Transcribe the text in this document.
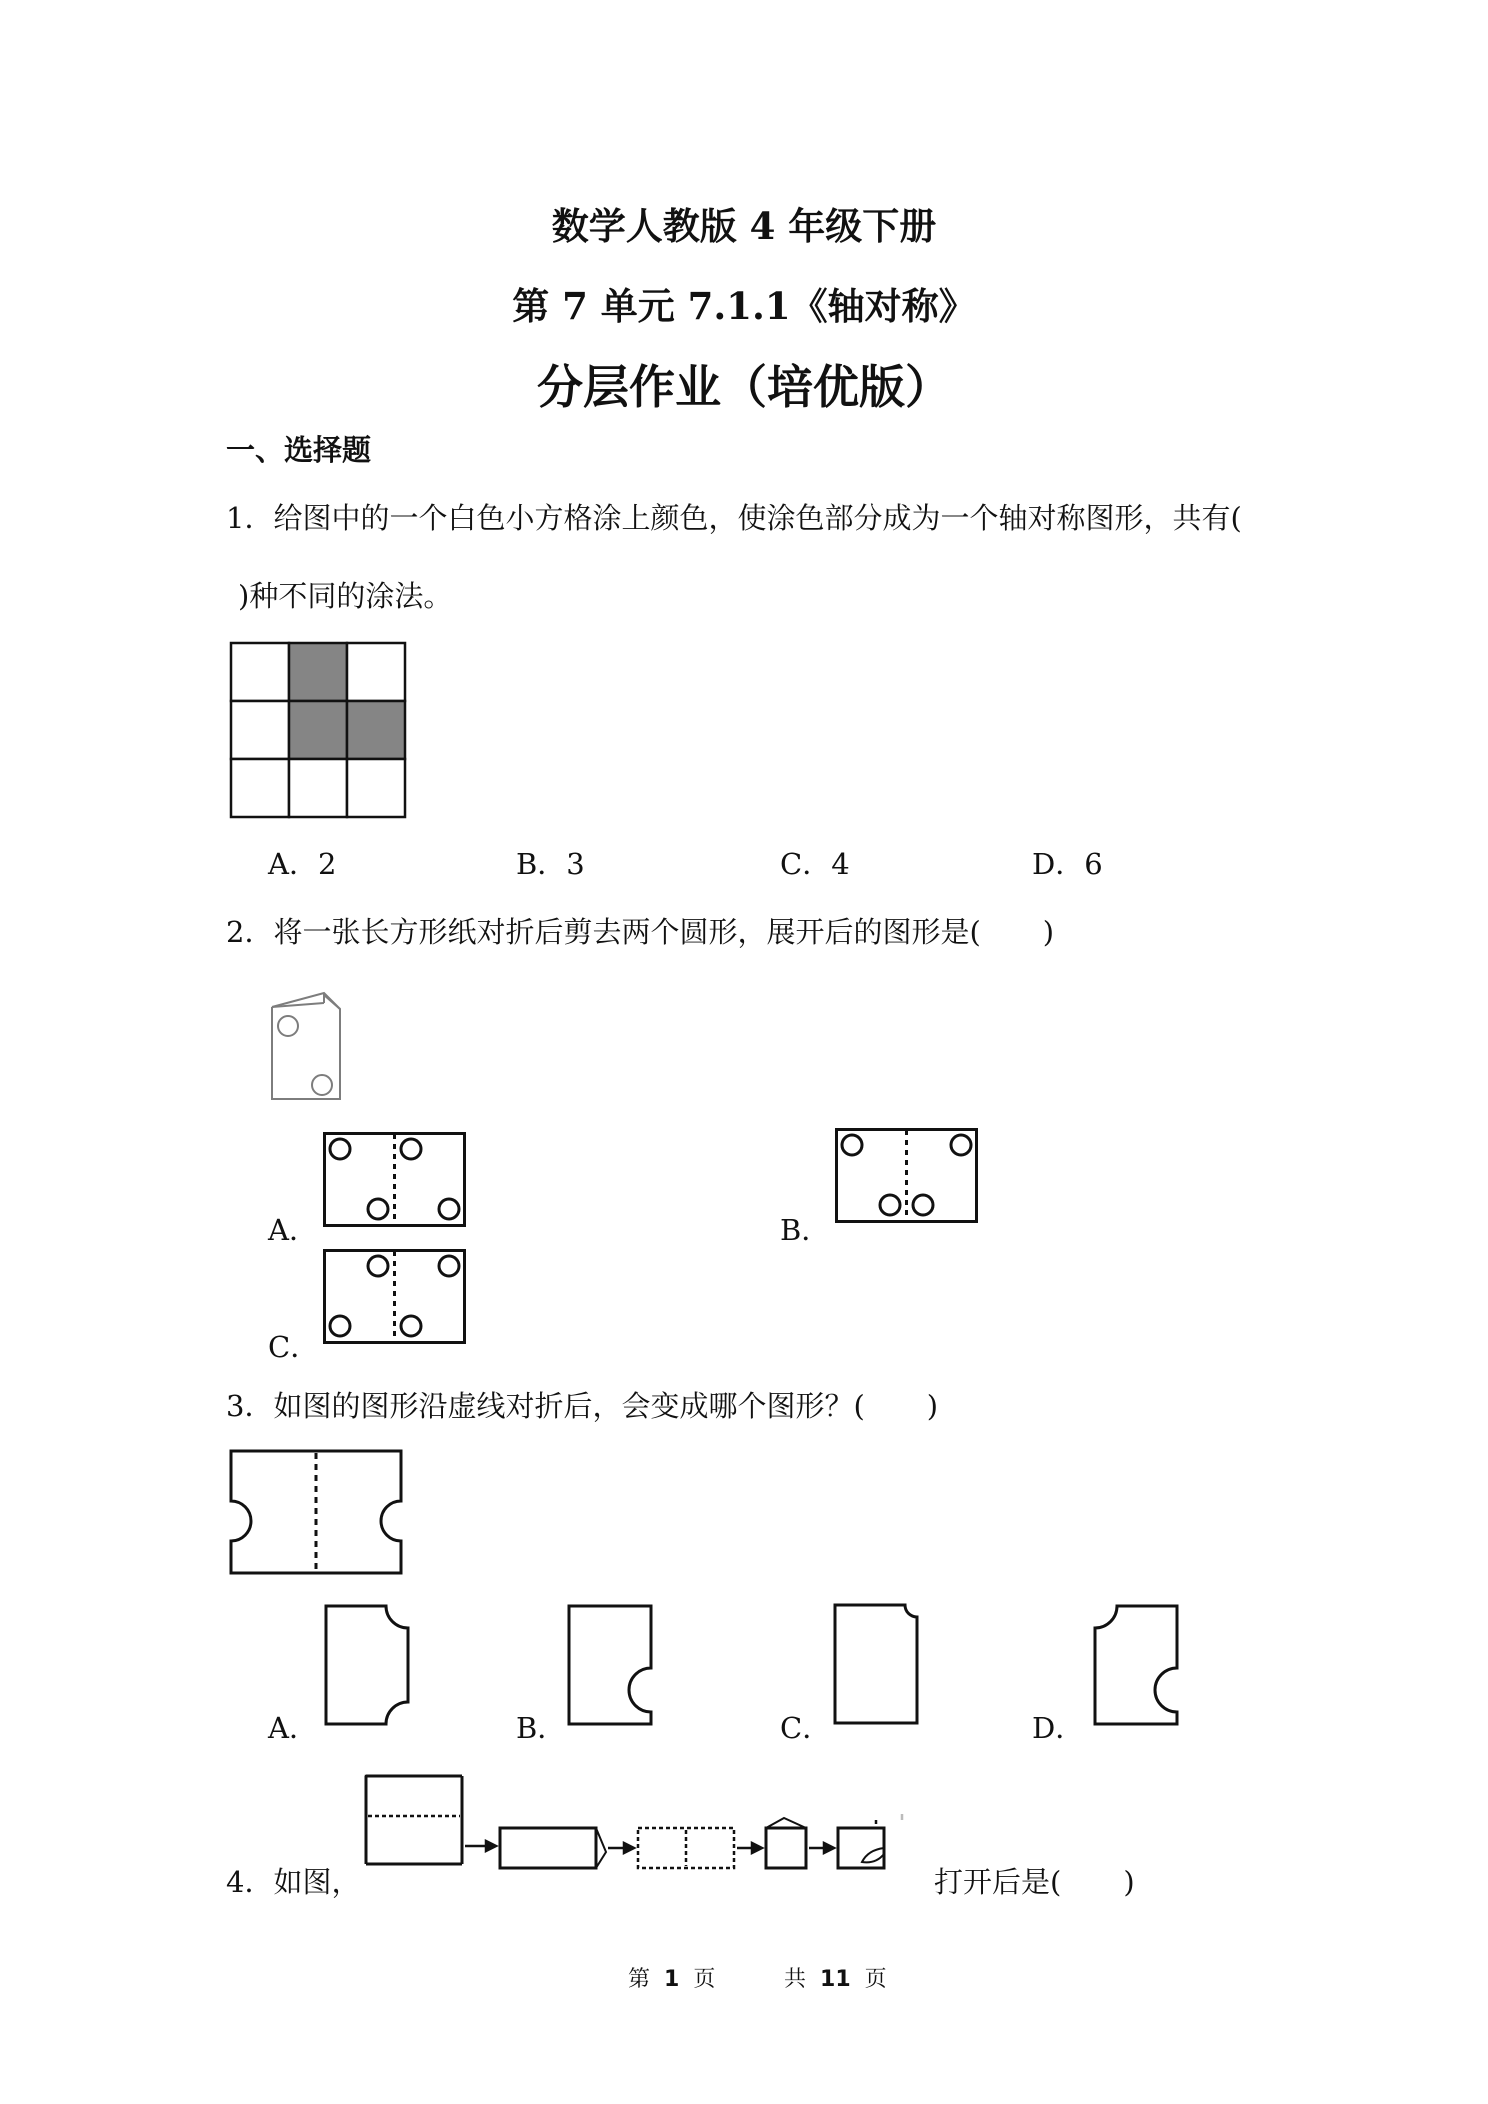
数学人教版 4 年级下册
第 7 单元 7.1.1《轴对称》
分层作业（培优版）
一、选择题
1．给图中的一个白色小方格涂上颜色，使涂色部分成为一个轴对称图形，共有(
)种不同的涂法。
A．2	B．3	C．4	D．6
2．将一张长方形纸对折后剪去两个圆形，展开后的图形是( )
A．	B．
C．
3．如图的图形沿虚线对折后，会变成哪个图形？( )
A．	B．	C．	D．
4．如图，	打开后是( )
第 1 页	共 11 页
